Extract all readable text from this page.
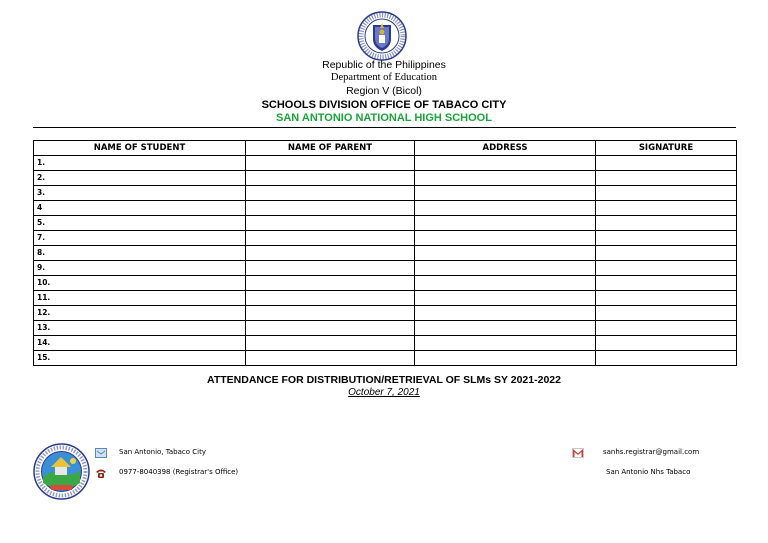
Republic of the Philippines
Department of Education
Region V (Bicol)
SCHOOLS DIVISION OFFICE OF TABACO CITY
SAN ANTONIO NATIONAL HIGH SCHOOL
NAME OF STUDENT	NAME OF PARENT	ADDRESS	SIGNATURE
1.			
2.			
3.			
4			
5.			
7.			
8.			
9.			
10.			
11.			
12.			
13.			
14.			
15.			
ATTENDANCE FOR DISTRIBUTION/RETRIEVAL OF SLMs SY 2021-2022
October 7, 2021
San Antonio, Tabaco City
0977-8040398 (Registrar's Office)
sanhs.registrar@gmail.com
San Antonio Nhs Tabaco
